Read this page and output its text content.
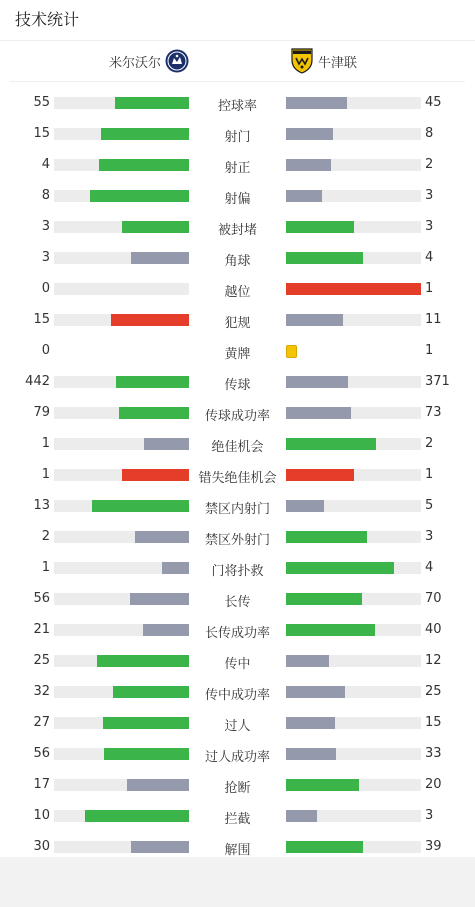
技术统计
米尔沃尔	牛津联
55	控球率	45
15	射门	8
4	射正	2
8	射偏	3
3	被封堵	3
3	角球	4
0	越位	1
15	犯规	11
0	黄牌	1
442	传球	371
79	传球成功率	73
1	绝佳机会	2
1	错失绝佳机会	1
13	禁区内射门	5
2	禁区外射门	3
1	门将扑救	4
56	长传	70
21	长传成功率	40
25	传中	12
32	传中成功率	25
27	过人	15
56	过人成功率	33
17	抢断	20
10	拦截	3
30	解围	39
